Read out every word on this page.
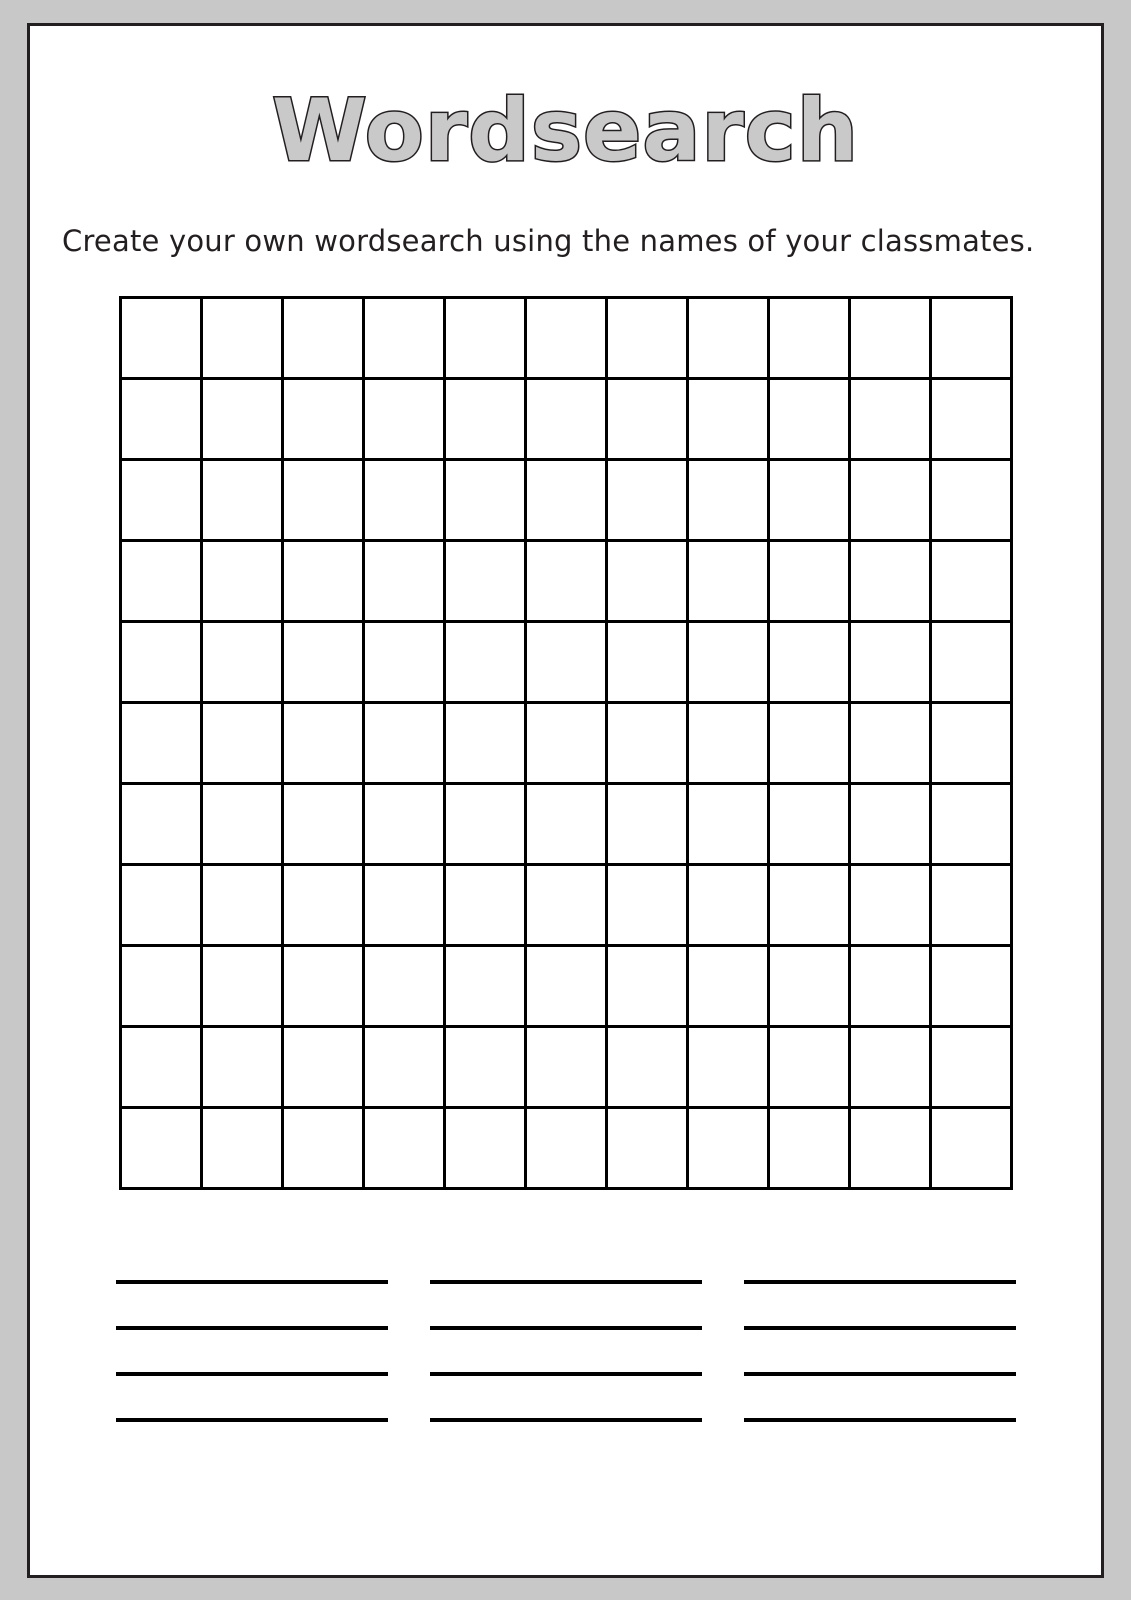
Wordsearch

Create your own wordsearch using the names of your classmates.
